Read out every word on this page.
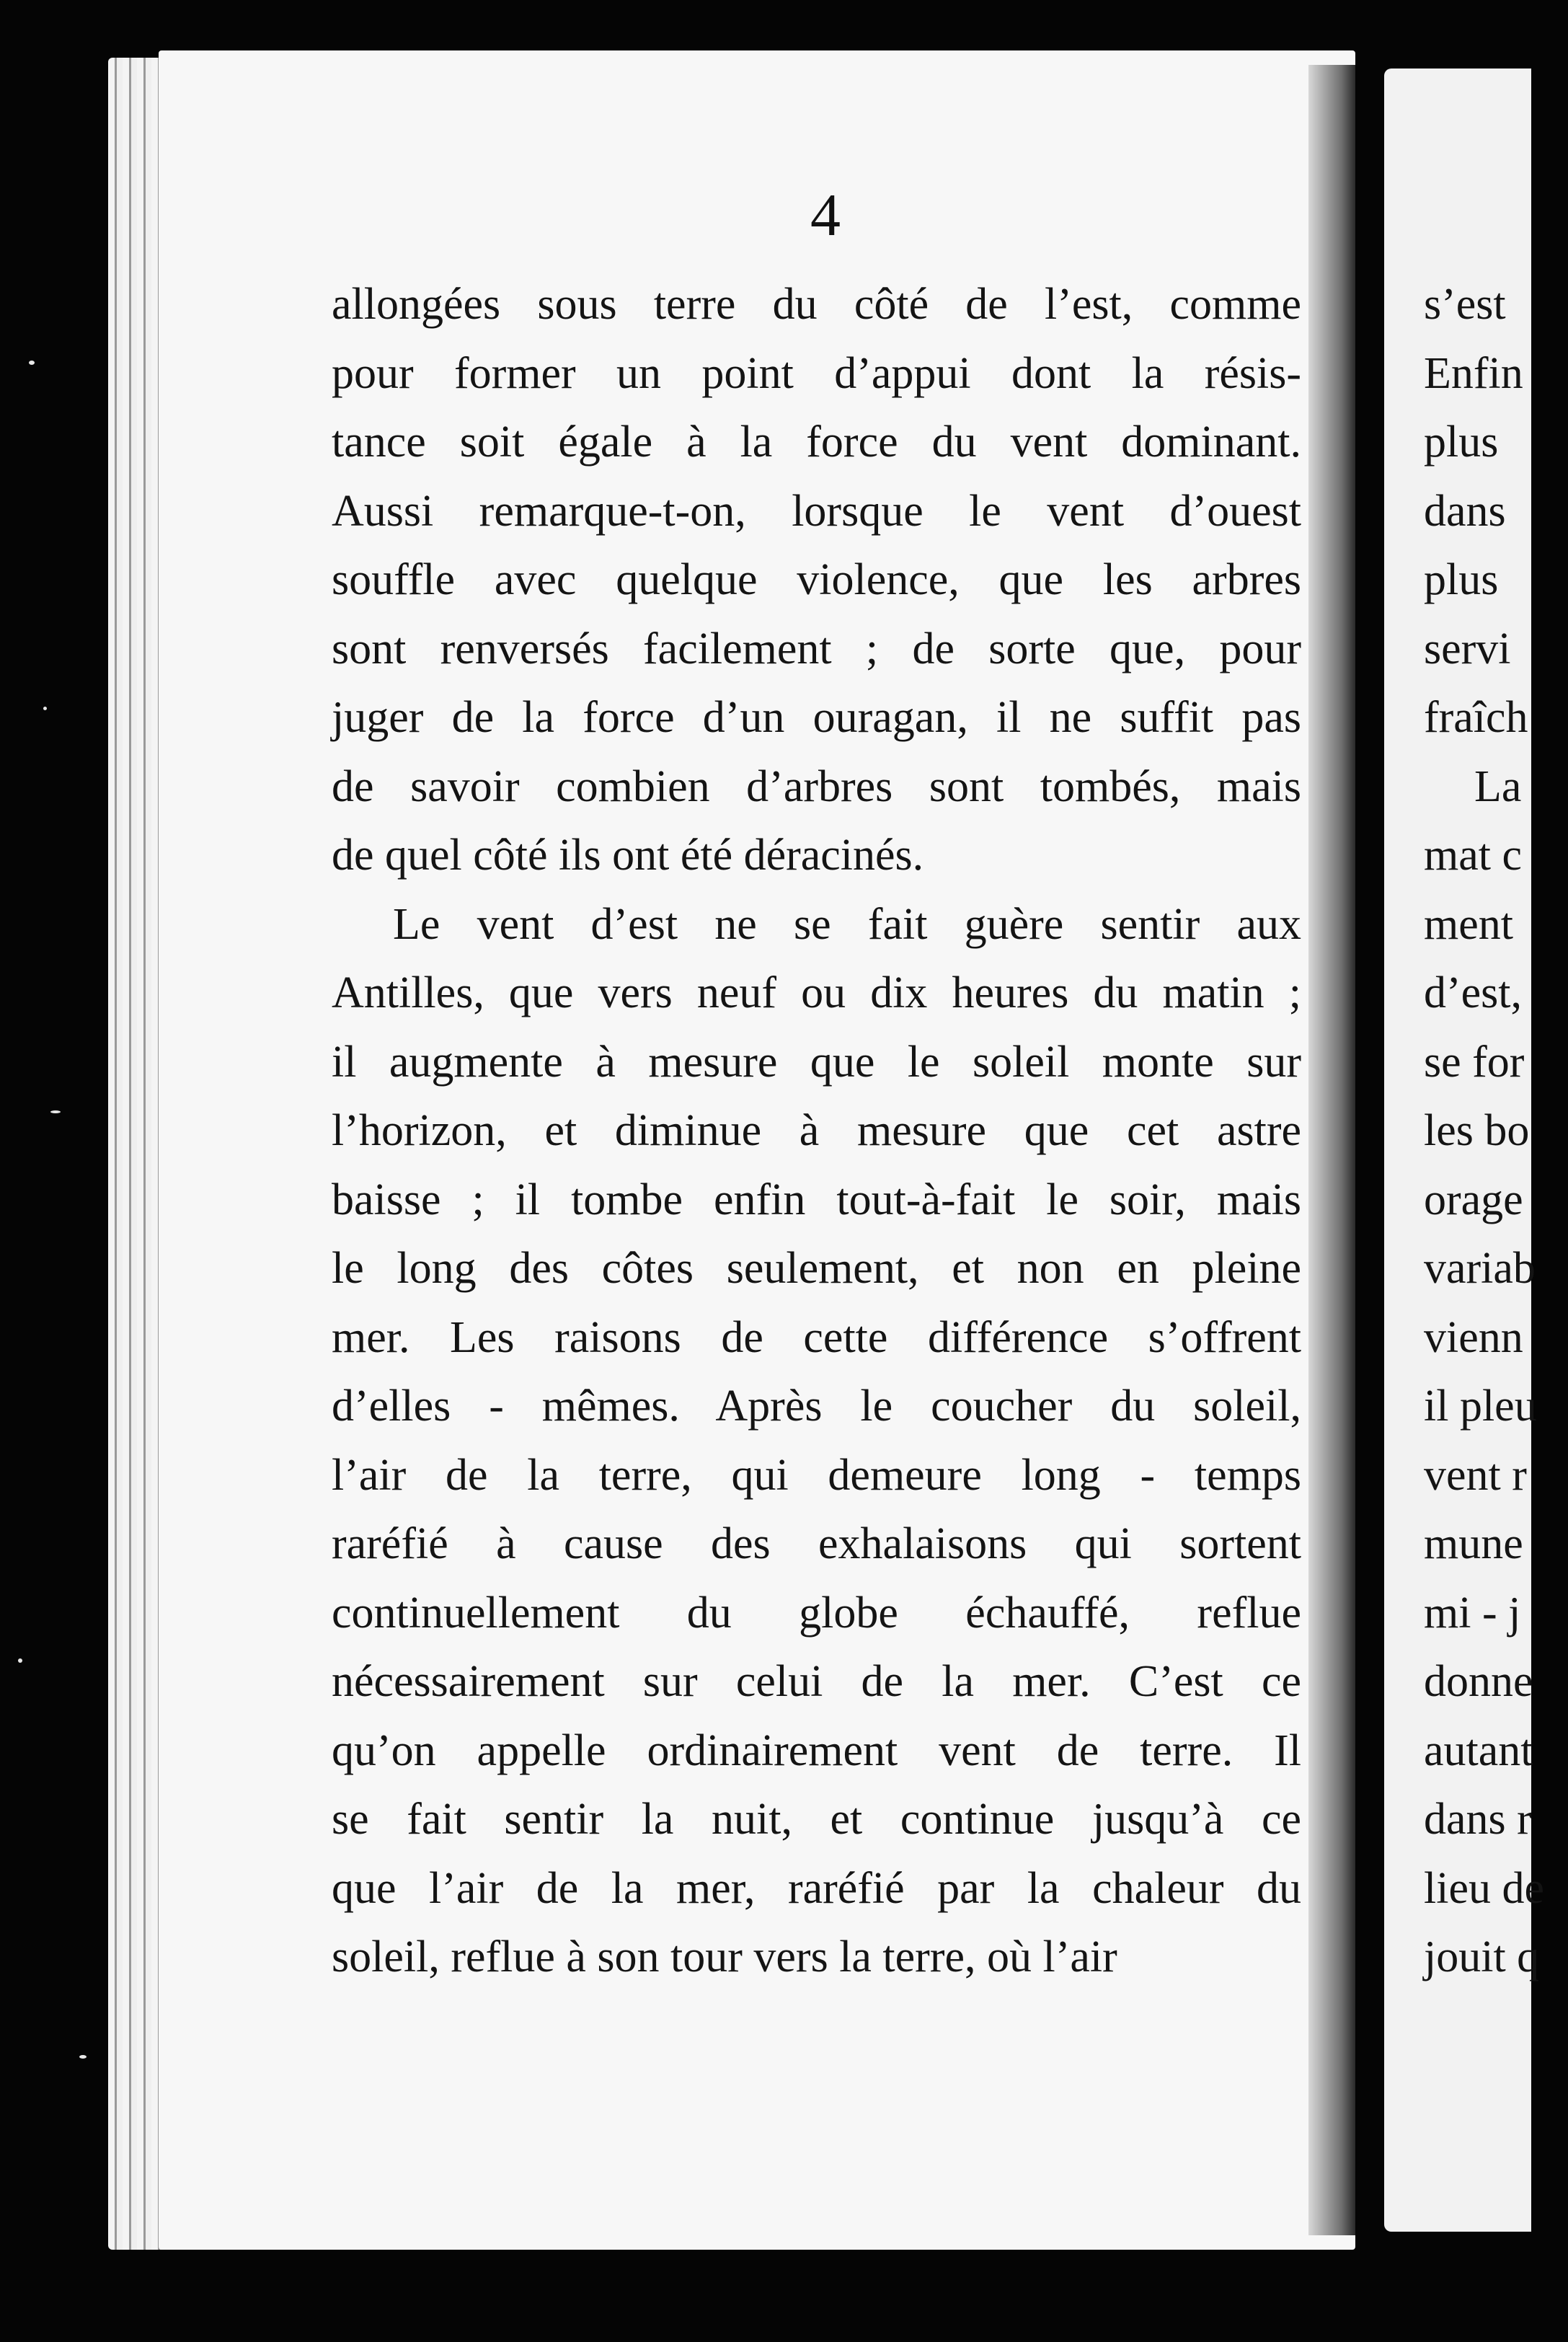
4
allongées sous terre du côté de l’est, comme
pour former un point d’appui dont la résis-
tance soit égale à la force du vent dominant.
Aussi remarque-t-on, lorsque le vent d’ouest
souffle avec quelque violence, que les arbres
sont renversés facilement ; de sorte que, pour
juger de la force d’un ouragan, il ne suffit pas
de savoir combien d’arbres sont tombés, mais
de quel côté ils ont été déracinés.
Le vent d’est ne se fait guère sentir aux
Antilles, que vers neuf ou dix heures du matin ;
il augmente à mesure que le soleil monte sur
l’horizon, et diminue à mesure que cet astre
baisse ; il tombe enfin tout-à-fait le soir, mais
le long des côtes seulement, et non en pleine
mer. Les raisons de cette différence s’offrent
d’elles - mêmes. Après le coucher du soleil,
l’air de la terre, qui demeure long - temps
raréfié à cause des exhalaisons qui sortent
continuellement du globe échauffé, reflue
nécessairement sur celui de la mer. C’est ce
qu’on appelle ordinairement vent de terre. Il
se fait sentir la nuit, et continue jusqu’à ce
que l’air de la mer, raréfié par la chaleur du
soleil, reflue à son tour vers la terre, où l’air
s’est
Enfin
plus
dans
plus
servi
fraîch
La
mat c
ment
d’est,
se for
les bo
orage
variab
vienn
il pleu
vent r
mune
mi - j
donne
autant
dans r
lieu de
jouit q
